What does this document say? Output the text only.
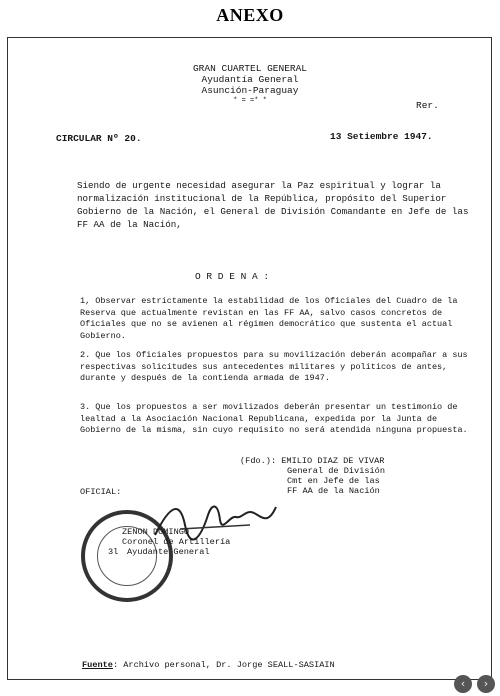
ANEXO
GRAN CUARTEL GENERAL
Ayudantía General
Asunción-Paraguay
* = =* *	Rer.
CIRCULAR Nº 20.	13 Setiembre 1947.
Siendo de urgente necesidad asegurar la Paz espiritual y lograr la normalización institucional de la República, propósito del Superior Gobierno de la Nación, el General de División Comandante en Jefe de las FF AA de la Nación,
O R D E N A :
1, Observar estrictamente la estabilidad de los Oficiales del Cuadro de la Reserva que actualmente revistan en las FF AA, salvo casos concretos de Oficiales que no se avienen al régimen democrático que sustenta el actual Gobierno.
2. Que los Oficiales propuestos para su movilización deberán acompañar a sus respectivas solicitudes sus antecedentes militares y políticos de antes, durante y después de la contienda armada de 1947.
3. Que los propuestos a ser movilizados deberán presentar un testimonio de lealtad a la Asociación Nacional Republicana, expedida por la Junta de Gobierno de la misma, sin cuyo requisito no será atendida ninguna propuesta.
(Fdo.): EMILIO DIAZ DE VIVAR
General de División
Cmt en Jefe de las
FF AA de la Nación
OFICIAL:
ZENON DOMINGO
Coronel de Artillería
3l Ayudante General
Fuente: Archivo personal, Dr. Jorge SEALL-SASIAIN
‹	›
